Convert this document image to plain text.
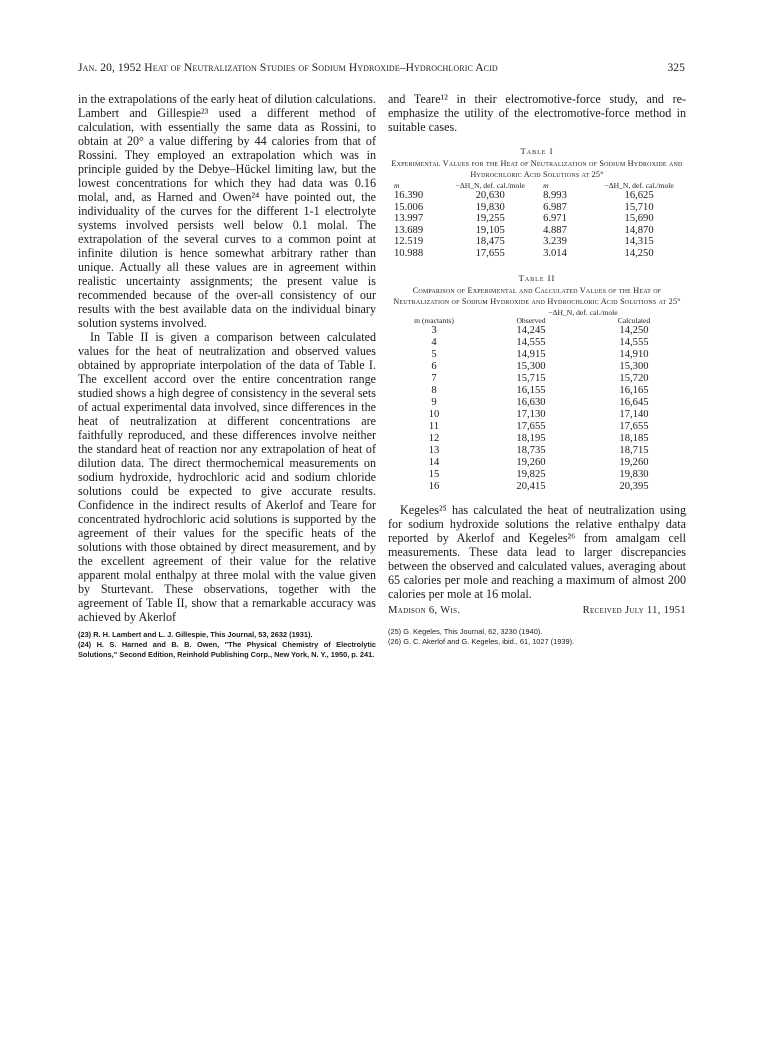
Jan. 20, 1952 Heat of Neutralization Studies of Sodium Hydroxide–Hydrochloric Acid	325

in the extrapolations of the early heat of dilution calculations. Lambert and Gillespie²³ used a different method of calculation, with essentially the same data as Rossini, to obtain at 20° a value differing by 44 calories from that of Rossini. They employed an extrapolation which was in principle guided by the Debye–Hückel limiting law, but the lowest concentrations for which they had data was 0.16 molal, and, as Harned and Owen²⁴ have pointed out, the individuality of the curves for the different 1-1 electrolyte systems involved persists well below 0.1 molal. The extrapolation of the several curves to a common point at infinite dilution is hence somewhat arbitrary rather than unique. Actually all these values are in agreement within realistic uncertainty assignments; the present value is recommended because of the over-all consistency of our results with the best available data on the individual binary solution systems involved.

In Table II is given a comparison between calculated values for the heat of neutralization and observed values obtained by appropriate interpolation of the data of Table I. The excellent accord over the entire concentration range studied shows a high degree of consistency in the several sets of actual experimental data involved, since differences in the heat of neutralization at different concentrations are faithfully reproduced, and these differences involve neither the standard heat of reaction nor any extrapolation of heat of dilution data. The direct thermochemical measurements on sodium hydroxide, hydrochloric acid and sodium chloride solutions could be expected to give accurate results. Confidence in the indirect results of Akerlof and Teare for concentrated hydrochloric acid solutions is supported by the agreement of their values for the specific heats of the solutions with those obtained by direct measurement, and by the excellent agreement of their value for the relative apparent molal enthalpy at three molal with the value given by Sturtevant. These observations, together with the agreement of Table II, show that a remarkable accuracy was achieved by Akerlof

(23) R. H. Lambert and L. J. Gillespie, This Journal, 53, 2632 (1931).

(24) H. S. Harned and B. B. Owen, "The Physical Chemistry of Electrolytic Solutions," Second Edition, Reinhold Publishing Corp., New York, N. Y., 1950, p. 241.

and Teare¹² in their electromotive-force study, and re-emphasize the utility of the electromotive-force method in suitable cases.

Table I
Experimental Values for the Heat of Neutralization of Sodium Hydroxide and Hydrochloric Acid Solutions at 25°
m	−ΔH_N, def. cal./mole	m	−ΔH_N, def. cal./mole
16.390	20,630	8.993	16,625
15.006	19,830	6.987	15,710
13.997	19,255	6.971	15,690
13.689	19,105	4.887	14,870
12.519	18,475	3.239	14,315
10.988	17,655	3.014	14,250
Table II
Comparison of Experimental and Calculated Values of the Heat of Neutralization of Sodium Hydroxide and Hydrochloric Acid Solutions at 25°
	−ΔH_N, def. cal./mole	
m (reactants)	Observed	Calculated
3	14,245	14,250
4	14,555	14,555
5	14,915	14,910
6	15,300	15,300
7	15,715	15,720
8	16,155	16,165
9	16,630	16,645
10	17,130	17,140
11	17,655	17,655
12	18,195	18,185
13	18,735	18,715
14	19,260	19,260
15	19,825	19,830
16	20,415	20,395

Kegeles²⁵ has calculated the heat of neutralization using for sodium hydroxide solutions the relative enthalpy data reported by Akerlof and Kegeles²⁶ from amalgam cell measurements. These data lead to larger discrepancies between the observed and calculated values, averaging about 65 calories per mole and reaching a maximum of almost 200 calories per mole at 16 molal.

Madison 6, Wis.	Received July 11, 1951

(25) G. Kegeles, This Journal, 62, 3230 (1940).

(26) G. C. Akerlof and G. Kegeles, ibid., 61, 1027 (1939).
